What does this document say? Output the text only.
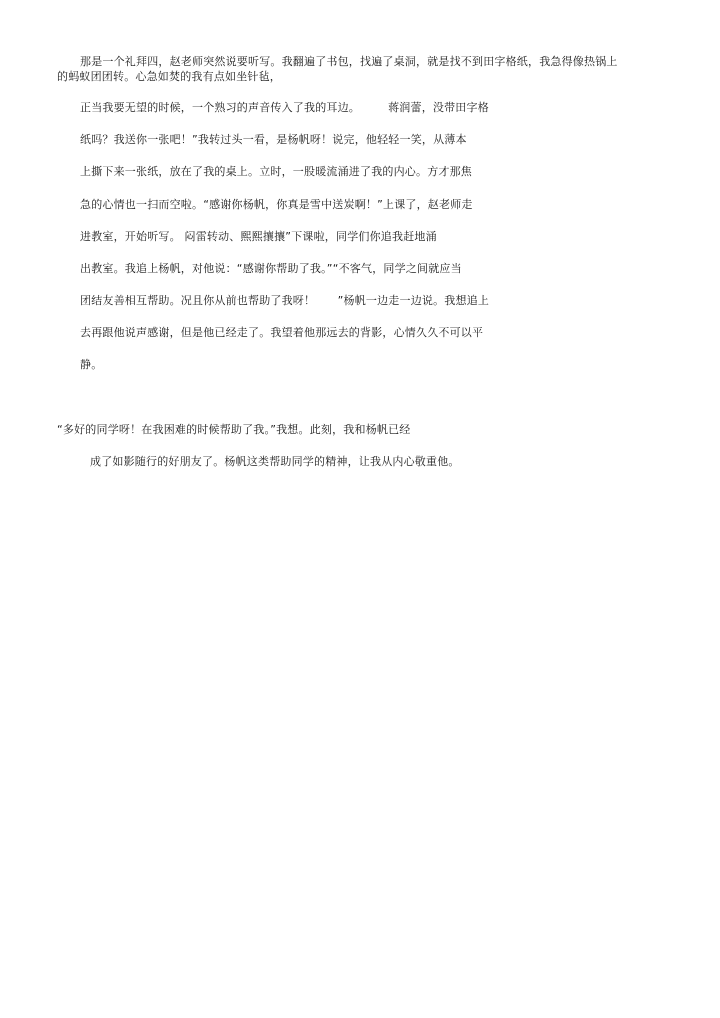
那是一个礼拜四，赵老师突然说要听写。我翻遍了书包，找遍了桌洞，就是找不到田字格纸，我急得像热锅上
的蚂蚁团团转。心急如焚的我有点如坐针毡，
正当我要无望的时候，一个熟习的声音传入了我的耳边。　　　蒋润蕾，没带田字格
纸吗？我送你一张吧！”我转过头一看，是杨帆呀！说完，他轻轻一笑，从薄本
上撕下来一张纸，放在了我的桌上。立时，一股暖流涌进了我的内心。方才那焦
急的心情也一扫而空啦。“感谢你杨帆，你真是雪中送炭啊！”上课了，赵老师走
进教室，开始听写。 闷雷转动、熙熙攘攘”下课啦，同学们你追我赶地涌
出教室。我追上杨帆，对他说：“感谢你帮助了我。”“不客气，同学之间就应当
团结友善相互帮助。况且你从前也帮助了我呀！　　”杨帆一边走一边说。我想追上
去再跟他说声感谢，但是他已经走了。我望着他那远去的背影，心情久久不可以平
静。
“多好的同学呀！在我困难的时候帮助了我。”我想。此刻，我和杨帆已经
成了如影随行的好朋友了。杨帆这类帮助同学的精神，让我从内心敬重他。
